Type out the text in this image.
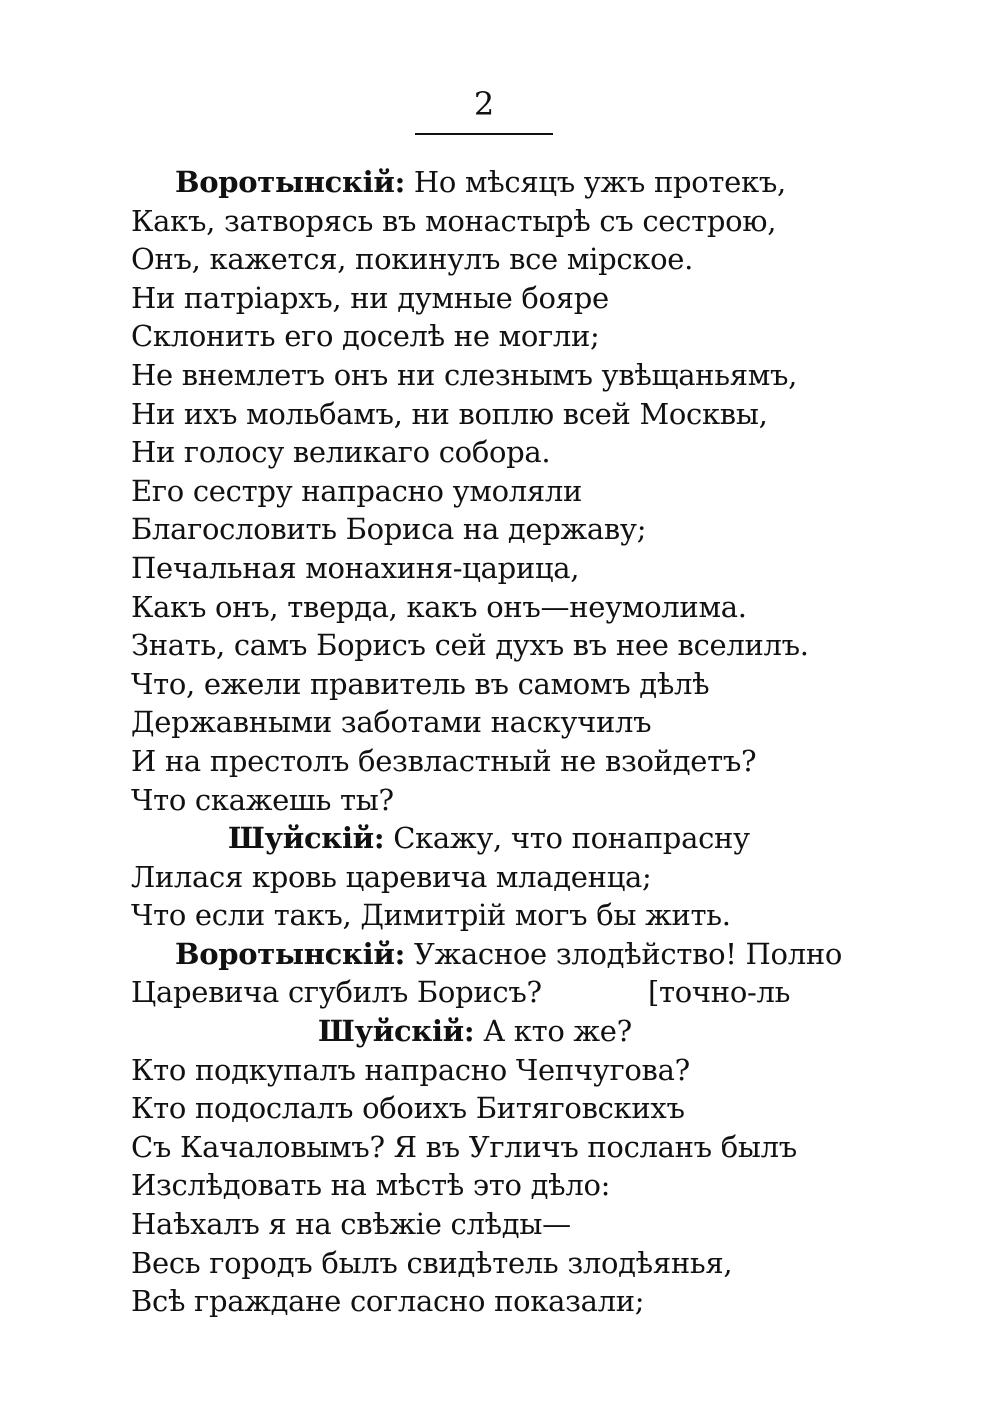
2
Воротынскій: Но мѣсяцъ ужъ протекъ,
Какъ, затворясь въ монастырѣ съ сестрою,
Онъ, кажется, покинулъ все мірское.
Ни патріархъ, ни думные бояре
Склонить его доселѣ не могли;
Не внемлетъ онъ ни слезнымъ увѣщаньямъ,
Ни ихъ мольбамъ, ни воплю всей Москвы,
Ни голосу великаго собора.
Его сестру напрасно умоляли
Благословить Бориса на державу;
Печальная монахиня-царица,
Какъ онъ, тверда, какъ онъ—неумолима.
Знать, самъ Борисъ сей духъ въ нее вселилъ.
Что, ежели правитель въ самомъ дѣлѣ
Державными заботами наскучилъ
И на престолъ безвластный не взойдетъ?
Что скажешь ты?
Шуйскій: Скажу, что понапрасну
Лилася кровь царевича младенца;
Что если такъ, Димитрій могъ бы жить.
Воротынскій: Ужасное злодѣйство! Полно
Царевича сгубилъ Борисъ?	[точно-ль
Шуйскій: А кто же?
Кто подкупалъ напрасно Чепчугова?
Кто подослалъ обоихъ Битяговскихъ
Съ Качаловымъ? Я въ Угличъ посланъ былъ
Изслѣдовать на мѣстѣ это дѣло:
Наѣхалъ я на свѣжіе слѣды—
Весь городъ былъ свидѣтель злодѣянья,
Всѣ граждане согласно показали;
